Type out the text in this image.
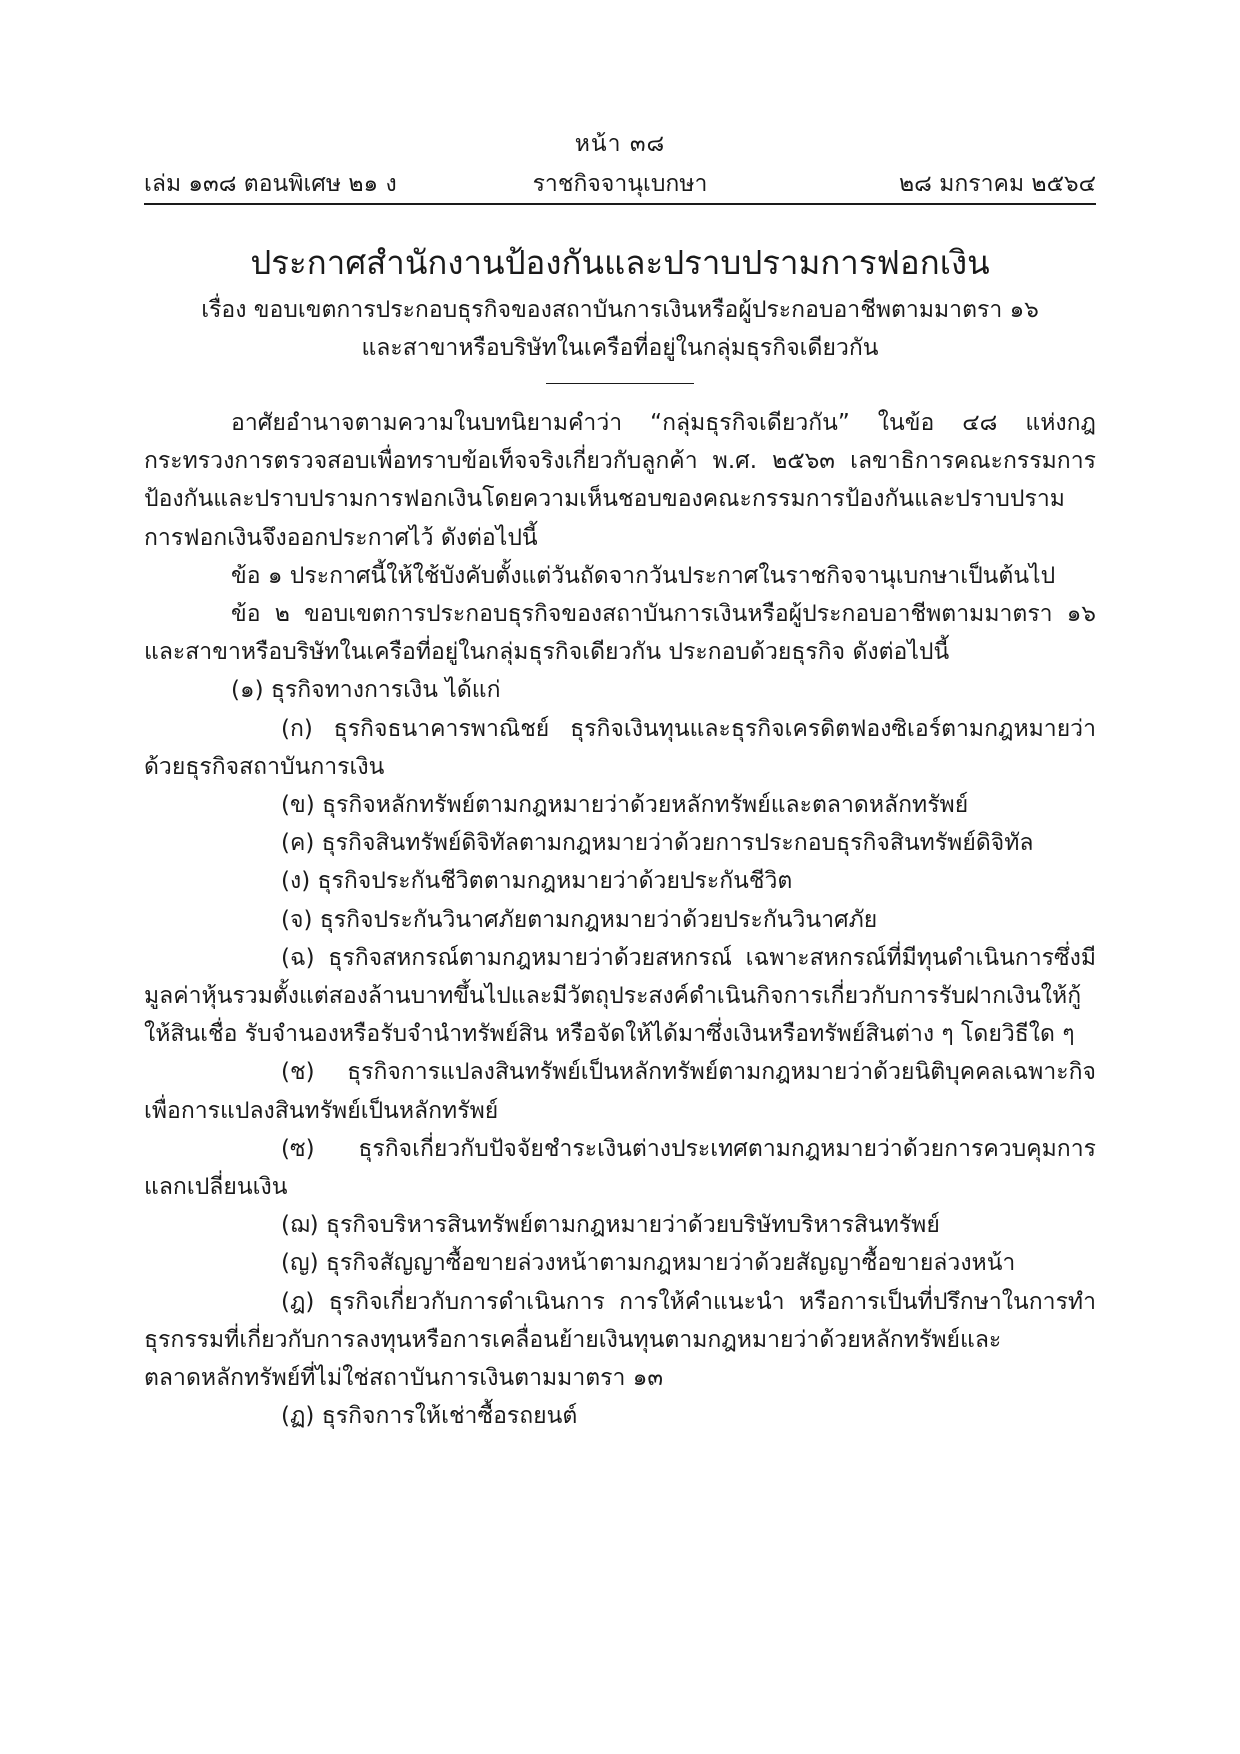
หน้า ๓๘
เล่ม ๑๓๘ ตอนพิเศษ ๒๑ ง	ราชกิจจานุเบกษา	๒๘ มกราคม ๒๕๖๔
ประกาศสำนักงานป้องกันและปราบปรามการฟอกเงิน
เรื่อง ขอบเขตการประกอบธุรกิจของสถาบันการเงินหรือผู้ประกอบอาชีพตามมาตรา ๑๖
และสาขาหรือบริษัทในเครือที่อยู่ในกลุ่มธุรกิจเดียวกัน

อาศัยอำนาจตามความในบทนิยามคำว่า “กลุ่มธุรกิจเดียวกัน” ในข้อ ๔๘ แห่งกฎกระทรวงการตรวจสอบเพื่อทราบข้อเท็จจริงเกี่ยวกับลูกค้า พ.ศ. ๒๕๖๓ เลขาธิการคณะกรรมการป้องกันและปราบปรามการฟอกเงินโดยความเห็นชอบของคณะกรรมการป้องกันและปราบปรามการฟอกเงินจึงออกประกาศไว้ ดังต่อไปนี้

ข้อ ๑ ประกาศนี้ให้ใช้บังคับตั้งแต่วันถัดจากวันประกาศในราชกิจจานุเบกษาเป็นต้นไป

ข้อ ๒ ขอบเขตการประกอบธุรกิจของสถาบันการเงินหรือผู้ประกอบอาชีพตามมาตรา ๑๖ และสาขาหรือบริษัทในเครือที่อยู่ในกลุ่มธุรกิจเดียวกัน ประกอบด้วยธุรกิจ ดังต่อไปนี้

(๑) ธุรกิจทางการเงิน ได้แก่

(ก) ธุรกิจธนาคารพาณิชย์ ธุรกิจเงินทุนและธุรกิจเครดิตฟองซิเอร์ตามกฎหมายว่าด้วยธุรกิจสถาบันการเงิน

(ข) ธุรกิจหลักทรัพย์ตามกฎหมายว่าด้วยหลักทรัพย์และตลาดหลักทรัพย์

(ค) ธุรกิจสินทรัพย์ดิจิทัลตามกฎหมายว่าด้วยการประกอบธุรกิจสินทรัพย์ดิจิทัล

(ง) ธุรกิจประกันชีวิตตามกฎหมายว่าด้วยประกันชีวิต

(จ) ธุรกิจประกันวินาศภัยตามกฎหมายว่าด้วยประกันวินาศภัย

(ฉ) ธุรกิจสหกรณ์ตามกฎหมายว่าด้วยสหกรณ์ เฉพาะสหกรณ์ที่มีทุนดำเนินการซึ่งมีมูลค่าหุ้นรวมตั้งแต่สองล้านบาทขึ้นไปและมีวัตถุประสงค์ดำเนินกิจการเกี่ยวกับการรับฝากเงินให้กู้ ให้สินเชื่อ รับจำนองหรือรับจำนำทรัพย์สิน หรือจัดให้ได้มาซึ่งเงินหรือทรัพย์สินต่าง ๆ โดยวิธีใด ๆ

(ช) ธุรกิจการแปลงสินทรัพย์เป็นหลักทรัพย์ตามกฎหมายว่าด้วยนิติบุคคลเฉพาะกิจเพื่อการแปลงสินทรัพย์เป็นหลักทรัพย์

(ซ) ธุรกิจเกี่ยวกับปัจจัยชำระเงินต่างประเทศตามกฎหมายว่าด้วยการควบคุมการแลกเปลี่ยนเงิน

(ฌ) ธุรกิจบริหารสินทรัพย์ตามกฎหมายว่าด้วยบริษัทบริหารสินทรัพย์

(ญ) ธุรกิจสัญญาซื้อขายล่วงหน้าตามกฎหมายว่าด้วยสัญญาซื้อขายล่วงหน้า

(ฎ) ธุรกิจเกี่ยวกับการดำเนินการ การให้คำแนะนำ หรือการเป็นที่ปรึกษาในการทำธุรกรรมที่เกี่ยวกับการลงทุนหรือการเคลื่อนย้ายเงินทุนตามกฎหมายว่าด้วยหลักทรัพย์และตลาดหลักทรัพย์ที่ไม่ใช่สถาบันการเงินตามมาตรา ๑๓

(ฏ) ธุรกิจการให้เช่าซื้อรถยนต์
